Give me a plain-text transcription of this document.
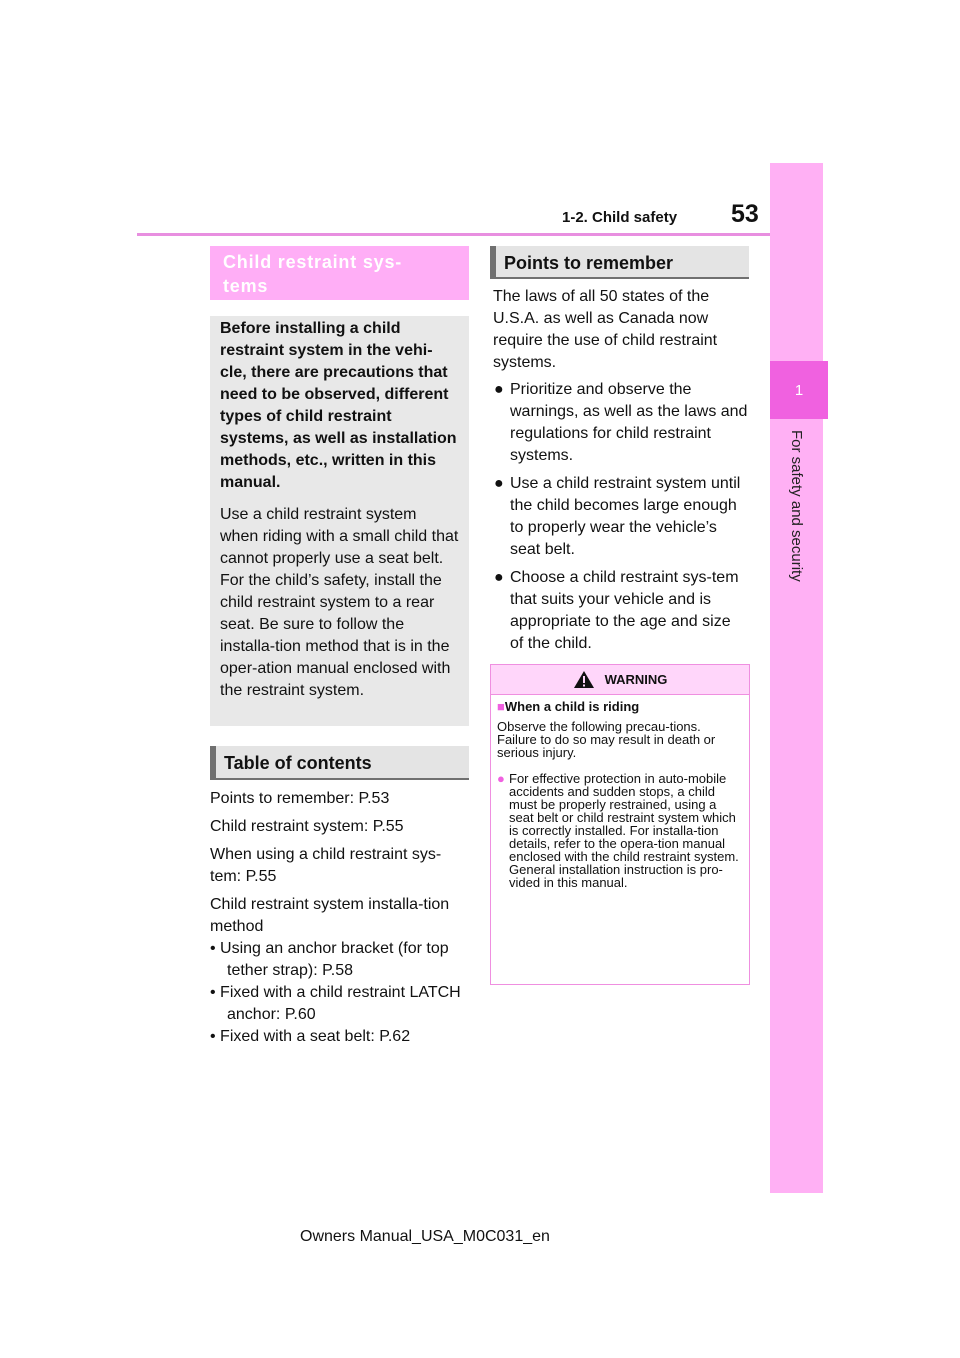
1-2. Child safety 53
1
For safety and security
Child restraint sys-
tems

Before installing a child restraint system in the vehi-cle, there are precautions that need to be observed, different types of child restraint systems, as well as installation methods, etc., written in this manual.

Use a child restraint system when riding with a small child that cannot properly use a seat belt. For the child’s safety, install the child restraint system to a rear seat. Be sure to follow the installa-tion method that is in the oper-ation manual enclosed with the restraint system.

Table of contents

Points to remember: P.53

Child restraint system: P.55

When using a child restraint sys-tem: P.55

Child restraint system installa-tion method

• Using an anchor bracket (for top tether strap): P.58

• Fixed with a child restraint LATCH anchor: P.60

• Fixed with a seat belt: P.62

Points to remember
The laws of all 50 states of the U.S.A. as well as Canada now require the use of child restraint systems.
● Prioritize and observe the warnings, as well as the laws and regulations for child restraint systems.
● Use a child restraint system until the child becomes large enough to properly wear the vehicle’s seat belt.
● Choose a child restraint sys-tem that suits your vehicle and is appropriate to the age and size of the child.
WARNING

■When a child is riding

Observe the following precau-tions.
Failure to do so may result in death or serious injury.

● For effective protection in auto-mobile accidents and sudden stops, a child must be properly restrained, using a seat belt or child restraint system which is correctly installed. For installa-tion details, refer to the opera-tion manual enclosed with the child restraint system. General installation instruction is pro-vided in this manual.

Owners Manual_USA_M0C031_en
